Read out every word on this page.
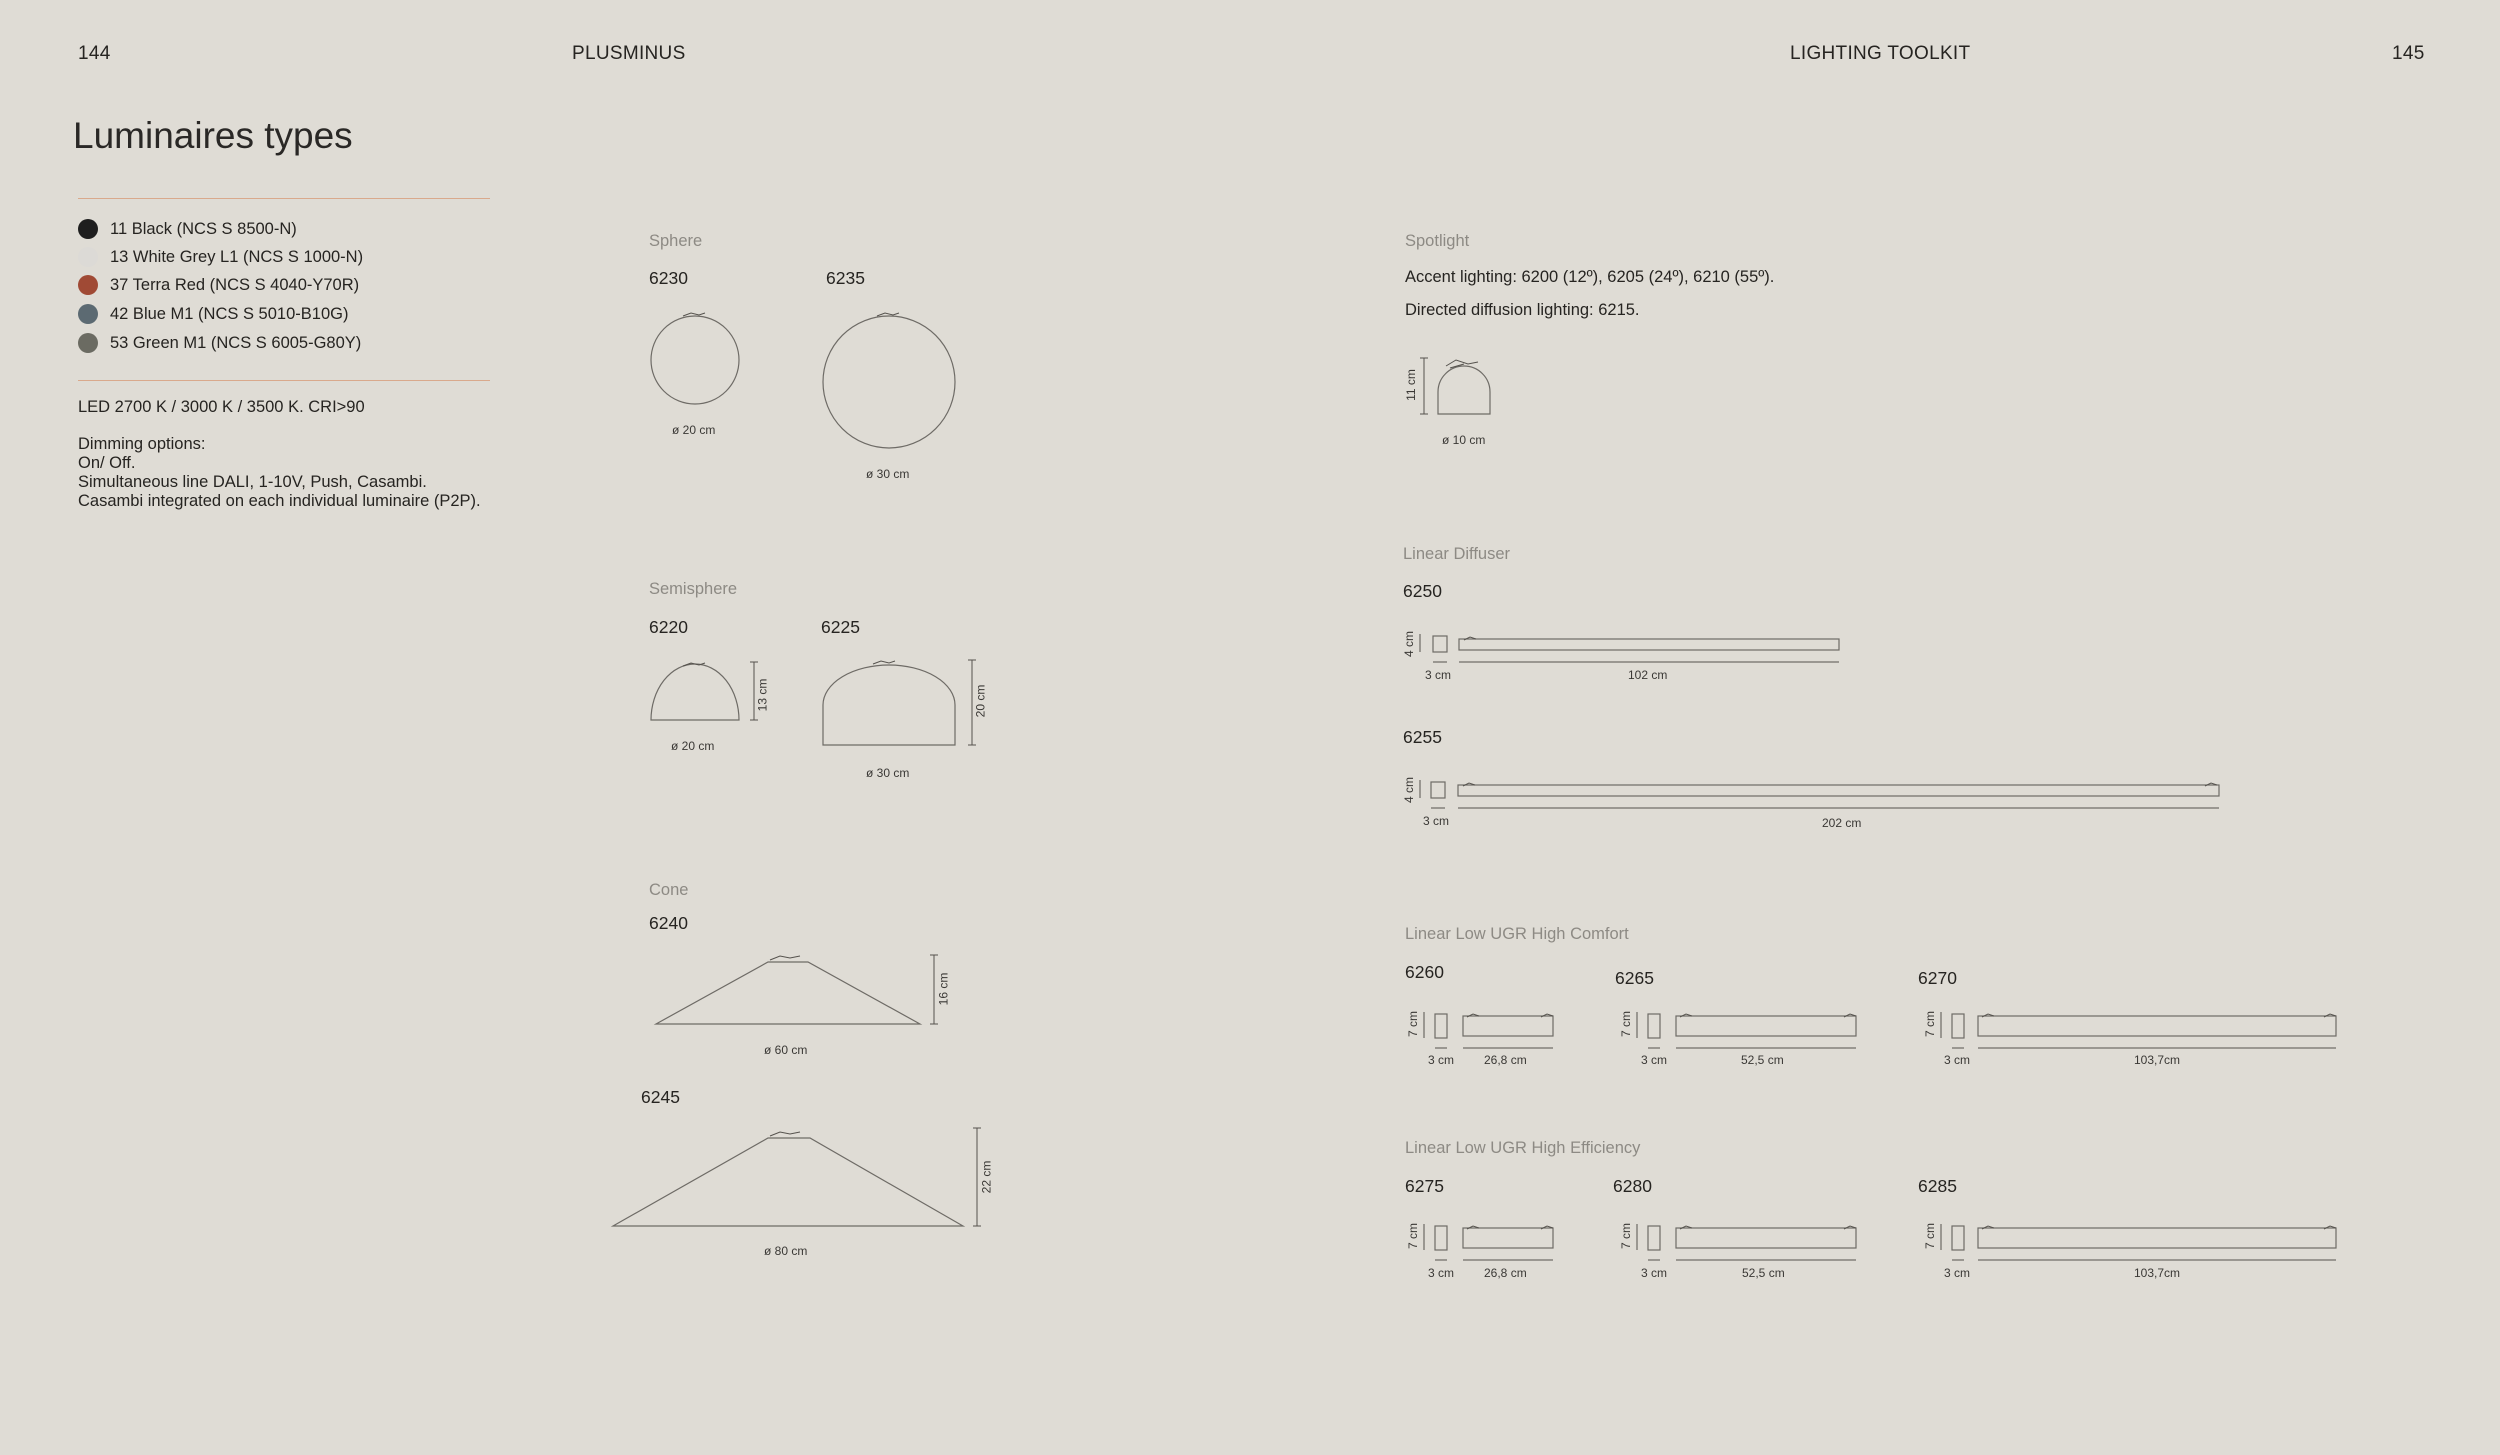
144	PLUSMINUS	LIGHTING TOOLKIT	145
Luminaires types
11 Black (NCS S 8500-N)
13 White Grey L1 (NCS S 1000-N)
37 Terra Red (NCS S 4040-Y70R)
42 Blue M1 (NCS S 5010-B10G)
53 Green M1 (NCS S 6005-G80Y)
LED 2700 K / 3000 K / 3500 K. CRI>90
Dimming options:
On/ Off.
Simultaneous line DALI, 1-10V, Push, Casambi.
Casambi integrated on each individual luminaire (P2P).
Sphere
6230	6235
ø 20 cm
ø 30 cm
Semisphere
6220	6225
13 cm	20 cm
ø 20 cm
ø 30 cm
Cone
6240
6245
16 cm
22 cm
ø 60 cm
ø 80 cm
Spotlight
Accent lighting: 6200 (12º), 6205 (24º), 6210 (55º).
Directed diffusion lighting: 6215.
11 cm
ø 10 cm
Linear Diffuser
6250
6255
4 cm
3 cm	102 cm
4 cm
3 cm	202 cm
Linear Low UGR High Comfort
6260	6265	6270
7 cm
3 cm 26,8 cm
7 cm
3 cm	52,5 cm
7 cm
3 cm	103,7cm
Linear Low UGR High Efficiency
6275	6280	6285
7 cm
3 cm 26,8 cm
7 cm
3 cm	52,5 cm
7 cm
3 cm	103,7cm
